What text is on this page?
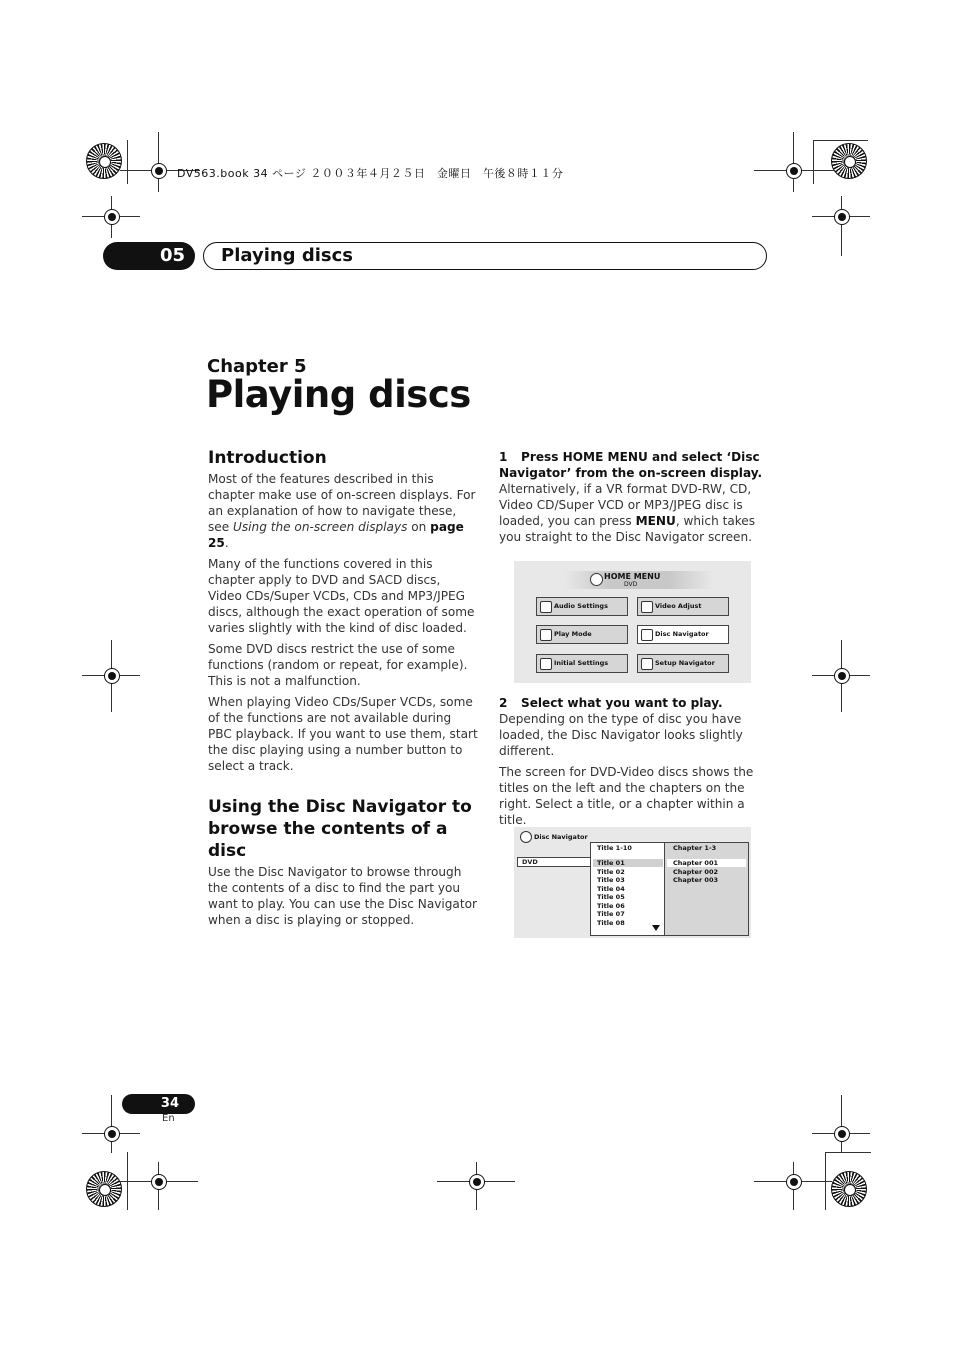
DV563.book 34 ページ ２００３年４月２５日　金曜日　午後８時１１分
05	Playing discs
Chapter 5
Playing discs
Introduction

Most of the features described in this chapter make use of on-screen displays. For an explanation of how to navigate these, see Using the on-screen displays on page 25.

Many of the functions covered in this chapter apply to DVD and SACD discs, Video CDs/Super VCDs, CDs and MP3/JPEG discs, although the exact operation of some varies slightly with the kind of disc loaded.

Some DVD discs restrict the use of some functions (random or repeat, for example). This is not a malfunction.

When playing Video CDs/Super VCDs, some of the functions are not available during PBC playback. If you want to use them, start the disc playing using a number button to select a track.

Using the Disc Navigator to browse the contents of a disc

Use the Disc Navigator to browse through the contents of a disc to find the part you want to play. You can use the Disc Navigator when a disc is playing or stopped.

1 Press HOME MENU and select ‘Disc Navigator’ from the on-screen display.

Alternatively, if a VR format DVD-RW, CD, Video CD/Super VCD or MP3/JPEG disc is loaded, you can press MENU, which takes you straight to the Disc Navigator screen.

HOME MENU
DVD
Audio Settings	Video Adjust
Play Mode	Disc Navigator
Initial Settings	Setup Navigator
2 Select what you want to play.

Depending on the type of disc you have loaded, the Disc Navigator looks slightly different.

The screen for DVD-Video discs shows the titles on the left and the chapters on the right. Select a title, or a chapter within a title.

Disc Navigator
DVD
Title 1-10
Title 01
Title 02
Title 03
Title 04
Title 05
Title 06
Title 07
Title 08
Chapter 1-3
Chapter 001
Chapter 002
Chapter 003
34
En
